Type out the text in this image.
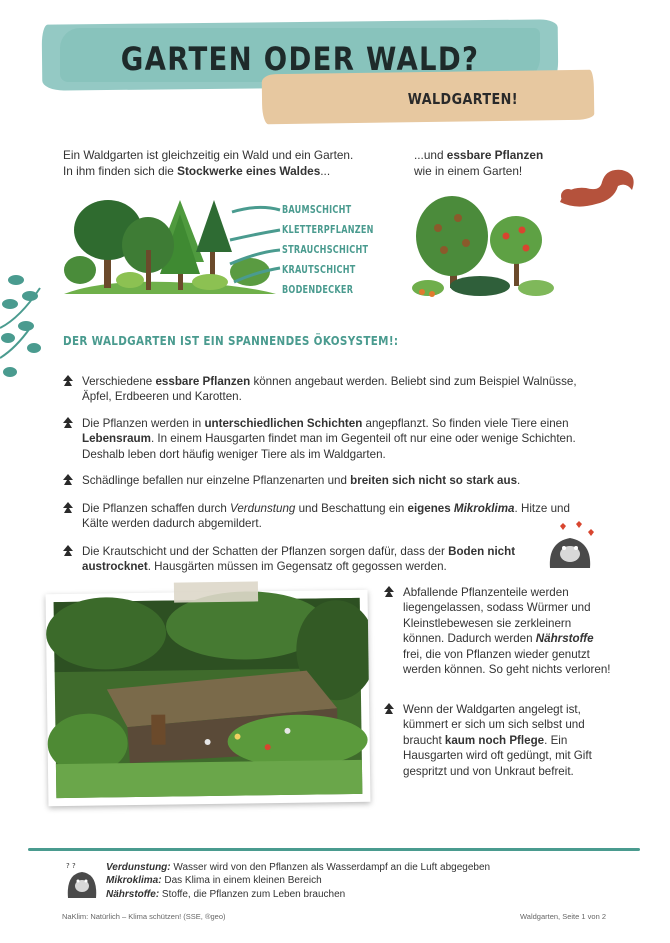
GARTEN ODER WALD?
WALDGARTEN!
Ein Waldgarten ist gleichzeitig ein Wald und ein Garten.
In ihm finden sich die Stockwerke eines Waldes...
...und essbare Pflanzen
wie in einem Garten!
BAUMSCHICHT
KLETTERPFLANZEN
STRAUCHSCHICHT
KRAUTSCHICHT
BODENDECKER
DER WALDGARTEN IST EIN SPANNENDES ÖKOSYSTEM!:
Verschiedene essbare Pflanzen können angebaut werden. Beliebt sind zum Beispiel Walnüsse, Äpfel, Erdbeeren und Karotten.
Die Pflanzen werden in unterschiedlichen Schichten angepflanzt. So finden viele Tiere einen Lebensraum. In einem Hausgarten findet man im Gegenteil oft nur eine oder wenige Schichten. Deshalb leben dort häufig weniger Tiere als im Waldgarten.
Schädlinge befallen nur einzelne Pflanzenarten und breiten sich nicht so stark aus.
Die Pflanzen schaffen durch Verdunstung und Beschattung ein eigenes Mikroklima. Hitze und Kälte werden dadurch abgemildert.
Die Krautschicht und der Schatten der Pflanzen sorgen dafür, dass der Boden nicht austrocknet. Hausgärten müssen im Gegensatz oft gegossen werden.
Abfallende Pflanzenteile werden liegengelassen, sodass Würmer und Kleinstlebewesen sie zerkleinern können. Dadurch werden Nährstoffe frei, die von Pflanzen wieder genutzt werden können. So geht nichts verloren!
Wenn der Waldgarten angelegt ist, kümmert er sich um sich selbst und braucht kaum noch Pflege. Ein Hausgarten wird oft gedüngt, mit Gift gespritzt und von Unkraut befreit.
? ?	Verdunstung: Wasser wird von den Pflanzen als Wasserdampf an die Luft abgegeben
Mikroklima: Das Klima in einem kleinen Bereich
Nährstoffe: Stoffe, die Pflanzen zum Leben brauchen
NaKlim: Natürlich – Klima schützen! (SSE, ®geo)	Waldgarten, Seite 1 von 2
